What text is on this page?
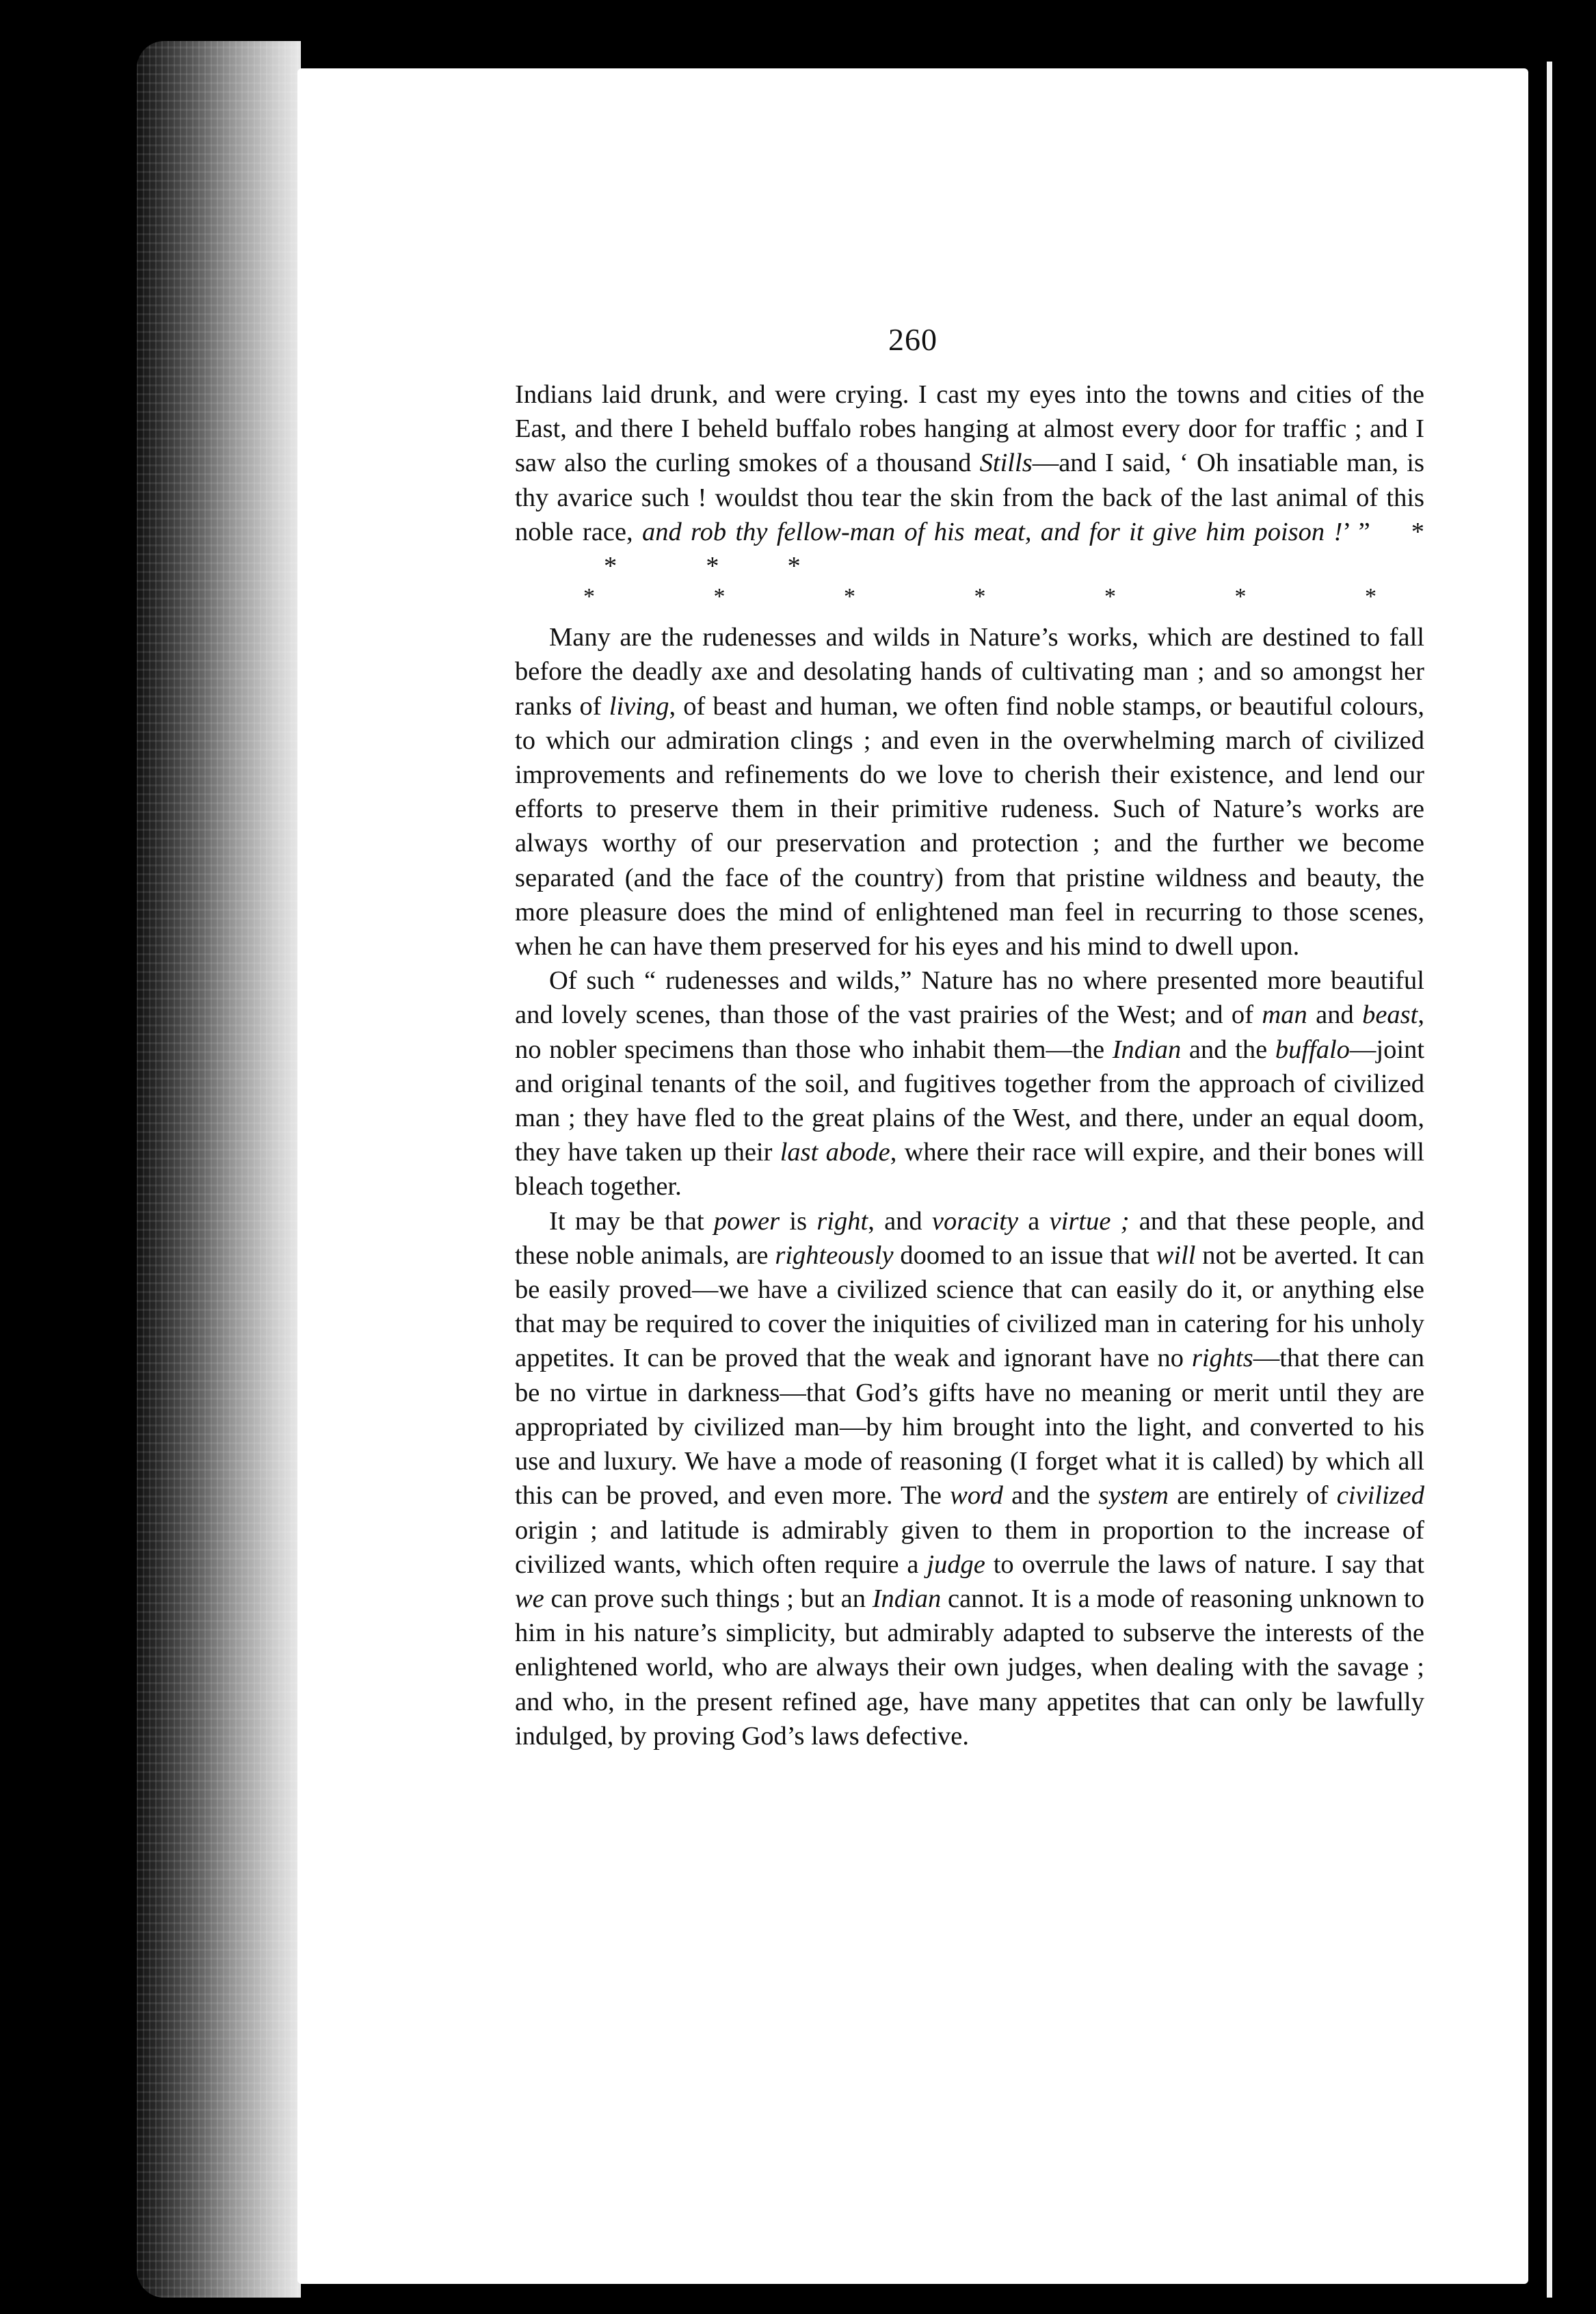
260

Indians laid drunk, and were crying. I cast my eyes into the towns and cities of the East, and there I beheld buffalo robes hanging at almost every door for traffic ; and I saw also the curling smokes of a thousand Stills—and I said, ‘ Oh insatiable man, is thy avarice such ! wouldst thou tear the skin from the back of the last animal of this noble race, and rob thy fellow-man of his meat, and for it give him poison !’ ” **	*	*

*	*	*	*	*	*	*

Many are the rudenesses and wilds in Nature’s works, which are destined to fall before the deadly axe and desolating hands of cultivating man ; and so amongst her ranks of living, of beast and human, we often find noble stamps, or beautiful colours, to which our admiration clings ; and even in the overwhelming march of civilized improvements and refinements do we love to cherish their existence, and lend our efforts to preserve them in their primitive rudeness. Such of Nature’s works are always worthy of our preservation and protection ; and the further we become separated (and the face of the country) from that pristine wildness and beauty, the more pleasure does the mind of enlightened man feel in recurring to those scenes, when he can have them preserved for his eyes and his mind to dwell upon.

Of such “ rudenesses and wilds,” Nature has no where presented more beautiful and lovely scenes, than those of the vast prairies of the West; and of man and beast, no nobler specimens than those who inhabit them—the Indian and the buffalo—joint and original tenants of the soil, and fugitives together from the approach of civilized man ; they have fled to the great plains of the West, and there, under an equal doom, they have taken up their last abode, where their race will expire, and their bones will bleach together.

It may be that power is right, and voracity a virtue ; and that these people, and these noble animals, are righteously doomed to an issue that will not be averted. It can be easily proved—we have a civilized science that can easily do it, or anything else that may be required to cover the iniquities of civilized man in catering for his unholy appetites. It can be proved that the weak and ignorant have no rights—that there can be no virtue in darkness—that God’s gifts have no meaning or merit until they are appropriated by civilized man—by him brought into the light, and converted to his use and luxury. We have a mode of reasoning (I forget what it is called) by which all this can be proved, and even more. The word and the system are entirely of civilized origin ; and latitude is admirably given to them in proportion to the increase of civilized wants, which often require a judge to overrule the laws of nature. I say that we can prove such things ; but an Indian cannot. It is a mode of reasoning unknown to him in his nature’s simplicity, but admirably adapted to subserve the interests of the enlightened world, who are always their own judges, when dealing with the savage ; and who, in the present refined age, have many appetites that can only be lawfully indulged, by proving God’s laws defective.
